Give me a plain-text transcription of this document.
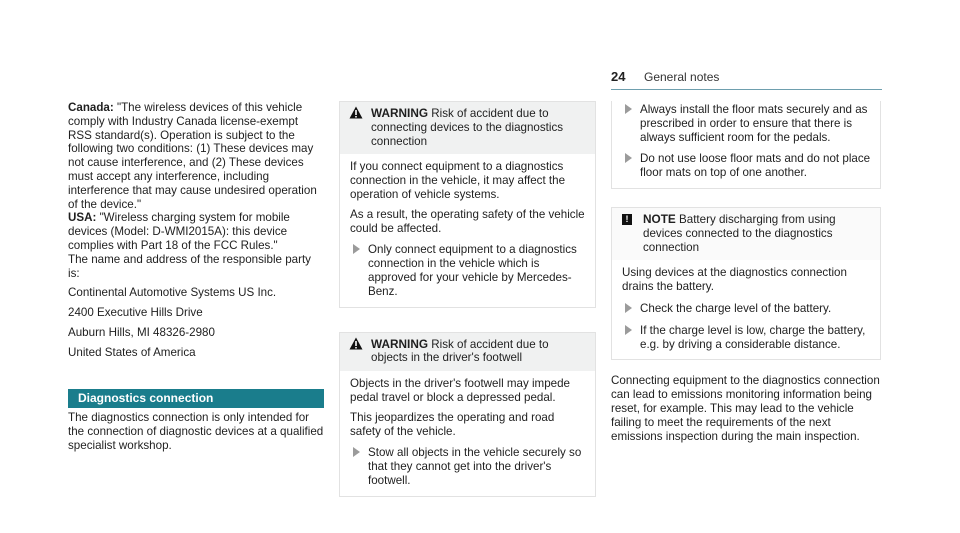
24 General notes

Canada: "The wireless devices of this vehicle comply with Industry Canada license-exempt RSS standard(s). Operation is subject to the following two conditions: (1) These devices may not cause interference, and (2) These devices must accept any interference, including interference that may cause undesired operation of the device."

USA: "Wireless charging system for mobile devices (Model: D-WMI2015A): this device complies with Part 18 of the FCC Rules."

The name and address of the responsible party is:

Continental Automotive Systems US Inc.

2400 Executive Hills Drive

Auburn Hills, MI 48326-2980

United States of America

Diagnostics connection

The diagnostics connection is only intended for the connection of diagnostic devices at a qualified specialist workshop.

WARNING Risk of accident due to connecting devices to the diagnostics connection

If you connect equipment to a diagnostics connection in the vehicle, it may affect the operation of vehicle systems.

As a result, the operating safety of the vehicle could be affected.

Only connect equipment to a diagnostics connection in the vehicle which is approved for your vehicle by Mercedes-Benz.
WARNING Risk of accident due to objects in the driver's footwell

Objects in the driver's footwell may impede pedal travel or block a depressed pedal.

This jeopardizes the operating and road safety of the vehicle.

Stow all objects in the vehicle securely so that they cannot get into the driver's footwell.
Always install the floor mats securely and as prescribed in order to ensure that there is always sufficient room for the pedals.
Do not use loose floor mats and do not place floor mats on top of one another.
!	NOTE Battery discharging from using devices connected to the diagnostics connection

Using devices at the diagnostics connection drains the battery.

Check the charge level of the battery.
If the charge level is low, charge the battery, e.g. by driving a considerable distance.

Connecting equipment to the diagnostics connection can lead to emissions monitoring information being reset, for example. This may lead to the vehicle failing to meet the requirements of the next emissions inspection during the main inspection.
